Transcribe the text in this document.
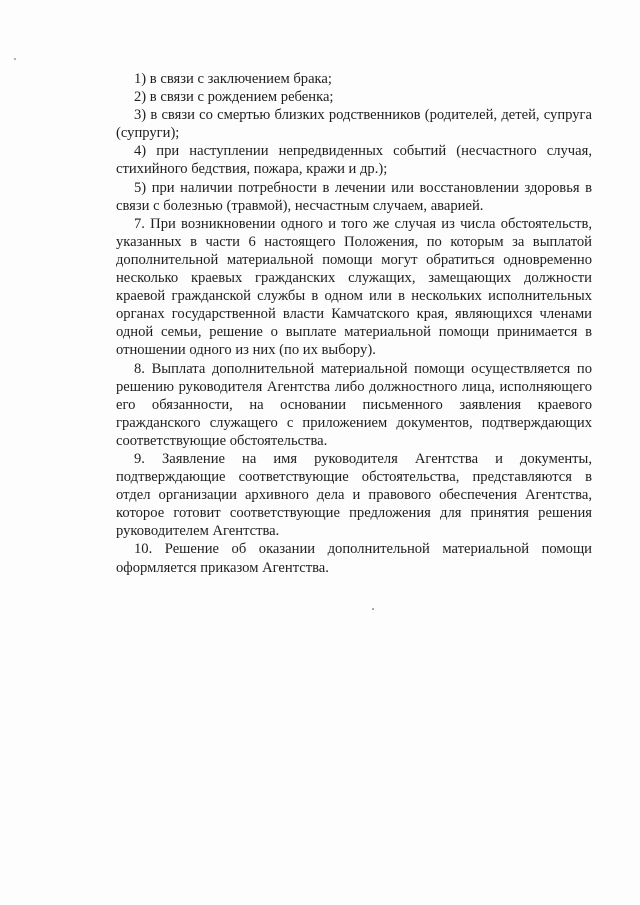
1) в связи с заключением брака;

2) в связи с рождением ребенка;

3) в связи со смертью близких родственников (родителей, детей, супруга (супруги);

4) при наступлении непредвиденных событий (несчастного случая, стихийного бедствия, пожара, кражи и др.);

5) при наличии потребности в лечении или восстановлении здоровья в связи с болезнью (травмой), несчастным случаем, аварией.

7. При возникновении одного и того же случая из числа обстоятельств, указанных в части 6 настоящего Положения, по которым за выплатой дополнительной материальной помощи могут обратиться одновременно несколько краевых гражданских служащих, замещающих должности краевой гражданской службы в одном или в нескольких исполнительных органах государственной власти Камчатского края, являющихся членами одной семьи, решение о выплате материальной помощи принимается в отношении одного из них (по их выбору).

8. Выплата дополнительной материальной помощи осуществляется по решению руководителя Агентства либо должностного лица, исполняющего его обязанности, на основании письменного заявления краевого гражданского служащего с приложением документов, подтверждающих соответствующие обстоятельства.

9. Заявление на имя руководителя Агентства и документы, подтверждающие соответствующие обстоятельства, представляются в отдел организации архивного дела и правового обеспечения Агентства, которое готовит соответствующие предложения для принятия решения руководителем Агентства.

10. Решение об оказании дополнительной материальной помощи оформляется приказом Агентства.
